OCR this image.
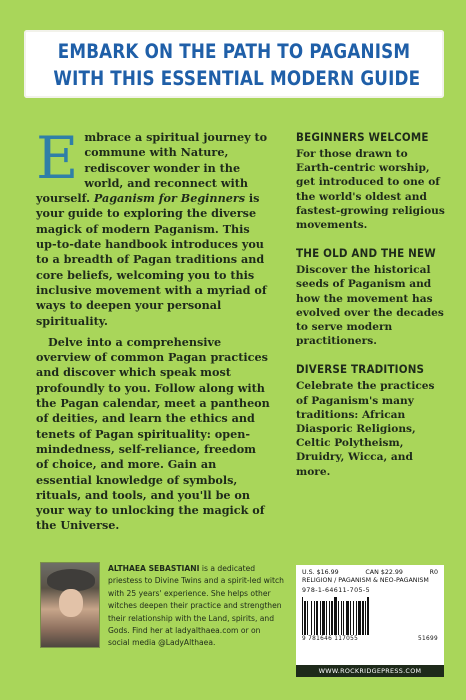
EMBARK ON THE PATH TO PAGANISM
WITH THIS ESSENTIAL MODERN GUIDE
E mbrace a spiritual journey to commune with Nature, rediscover wonder in the world, and reconnect with yourself. Paganism for Beginners is your guide to exploring the diverse magick of modern Paganism. This up-to-date handbook introduces you to a breadth of Pagan traditions and core beliefs, welcoming you to this inclusive movement with a myriad of ways to deepen your personal spirituality.
Delve into a comprehensive overview of common Pagan practices and discover which speak most profoundly to you. Follow along with the Pagan calendar, meet a pantheon of deities, and learn the ethics and tenets of Pagan spirituality: open-mindedness, self-reliance, freedom of choice, and more. Gain an essential knowledge of symbols, rituals, and tools, and you'll be on your way to unlocking the magick of the Universe.
BEGINNERS WELCOME
For those drawn to Earth-centric worship, get introduced to one of the world's oldest and fastest-growing religious movements.
THE OLD AND THE NEW
Discover the historical seeds of Paganism and how the movement has evolved over the decades to serve modern practitioners.
DIVERSE TRADITIONS
Celebrate the practices of Paganism's many traditions: African Diasporic Religions, Celtic Polytheism, Druidry, Wicca, and more.
ALTHAEA SEBASTIANI is a dedicated priestess to Divine Twins and a spirit-led witch with 25 years' experience. She helps other witches deepen their practice and strengthen their relationship with the Land, spirits, and Gods. Find her at ladyalthaea.com or on social media @LadyAlthaea.
U.S. $16.99	CAN $22.99	R0
RELIGION / PAGANISM & NEO-PAGANISM
978-1-64611-705-5
9 781646 117055	51699
WWW.ROCKRIDGEPRESS.COM
